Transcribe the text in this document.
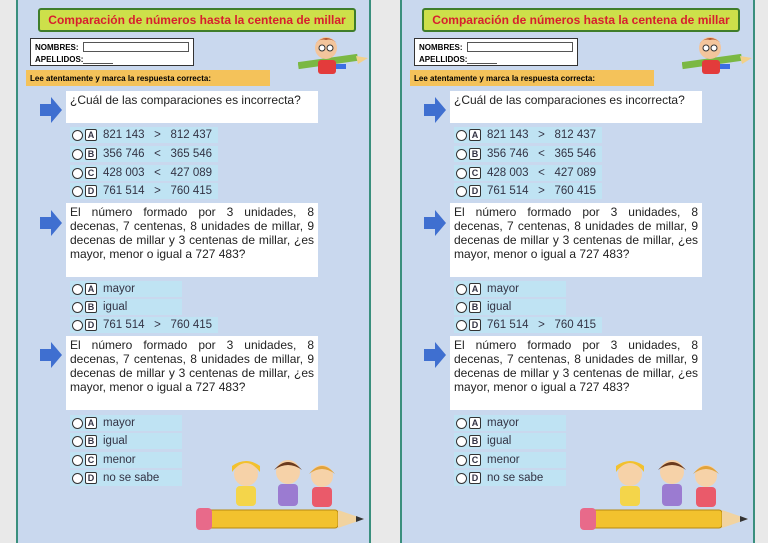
Comparación de números hasta la centena de millar
NOMBRES:
APELLIDOS:
Lee atentamente y marca la respuesta correcta:
¿Cuál de las comparaciones es incorrecta?
A 821 143   >   812 437
B 356 746   <   365 546
C 428 003   <   427 089
D 761 514   >   760 415
El número formado por 3 unidades, 8 decenas, 7 centenas, 8 unidades de millar, 9 decenas de millar y 3 centenas de millar, ¿es mayor, menor o igual a 727 483?
A mayor
B igual
D 761 514   >   760 415
El número formado por 3 unidades, 8 decenas, 7 centenas, 8 unidades de millar, 9 decenas de millar y 3 centenas de millar, ¿es mayor, menor o igual a 727 483?
A mayor
B igual
C menor
D no se sabe
Comparación de números hasta la centena de millar
NOMBRES:
APELLIDOS:
Lee atentamente y marca la respuesta correcta:
¿Cuál de las comparaciones es incorrecta?
A 821 143   >   812 437
B 356 746   <   365 546
C 428 003   <   427 089
D 761 514   >   760 415
El número formado por 3 unidades, 8 decenas, 7 centenas, 8 unidades de millar, 9 decenas de millar y 3 centenas de millar, ¿es mayor, menor o igual a 727 483?
A mayor
B igual
D 761 514   >   760 415
El número formado por 3 unidades, 8 decenas, 7 centenas, 8 unidades de millar, 9 decenas de millar y 3 centenas de millar, ¿es mayor, menor o igual a 727 483?
A mayor
B igual
C menor
D no se sabe
